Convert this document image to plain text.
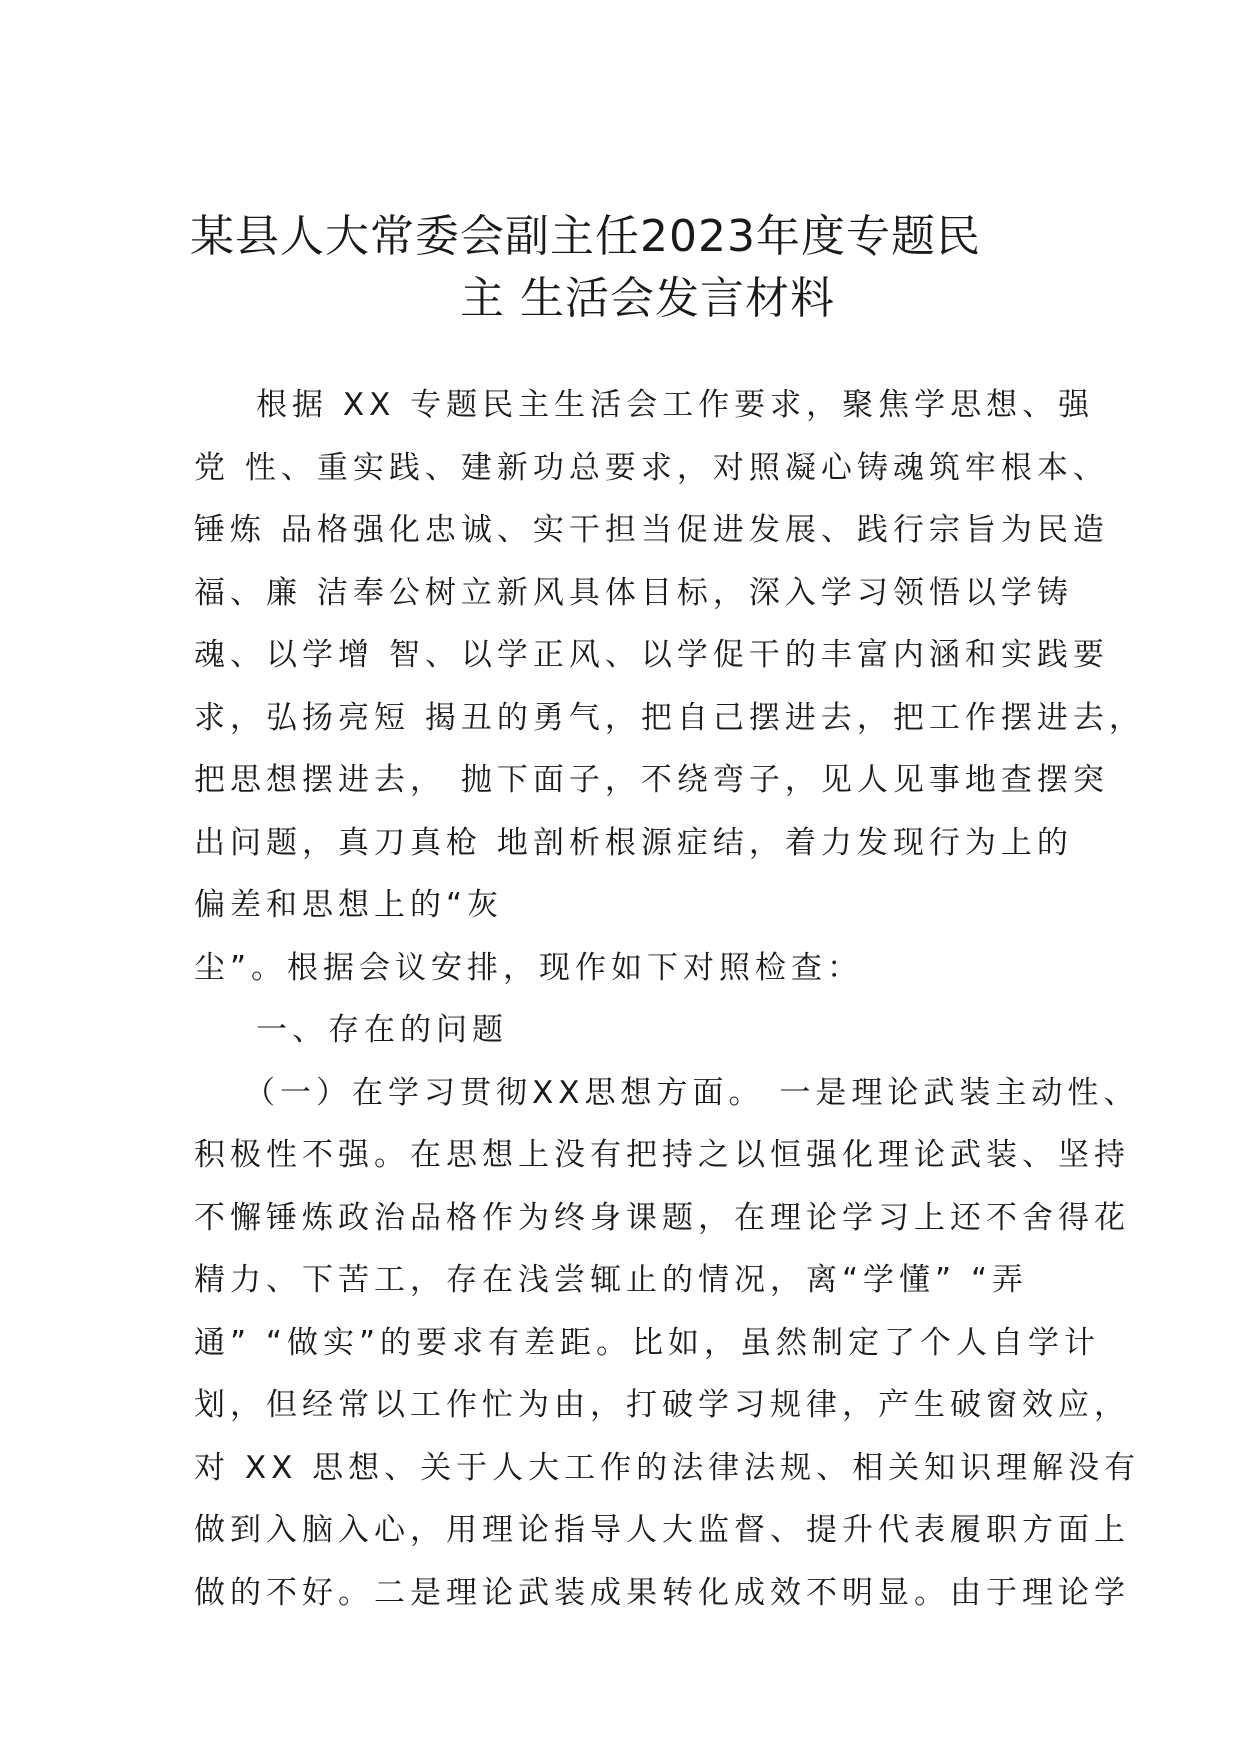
某县人大常委会副主任2023年度专题民
主 生活会发言材料
根据 XX 专题民主生活会工作要求，聚焦学思想、强
党 性、重实践、建新功总要求，对照凝心铸魂筑牢根本、
锤炼 品格强化忠诚、实干担当促进发展、践行宗旨为民造
福、廉 洁奉公树立新风具体目标，深入学习领悟以学铸
魂、以学增 智、以学正风、以学促干的丰富内涵和实践要
求，弘扬亮短 揭丑的勇气，把自己摆进去，把工作摆进去，
把思想摆进去， 抛下面子，不绕弯子，见人见事地查摆突
出问题，真刀真枪 地剖析根源症结，着力发现行为上的
偏差和思想上的“灰
尘”。根据会议安排，现作如下对照检查：
一、存在的问题
（一）在学习贯彻XX思想方面。 一是理论武装主动性、
积极性不强。在思想上没有把持之以恒强化理论武装、坚持
不懈锤炼政治品格作为终身课题，在理论学习上还不舍得花
精力、下苦工，存在浅尝辄止的情况，离“学懂” “弄
通” “做实”的要求有差距。比如，虽然制定了个人自学计
划，但经常以工作忙为由，打破学习规律，产生破窗效应，
对 XX 思想、关于人大工作的法律法规、相关知识理解没有
做到入脑入心，用理论指导人大监督、提升代表履职方面上
做的不好。二是理论武装成果转化成效不明显。由于理论学
